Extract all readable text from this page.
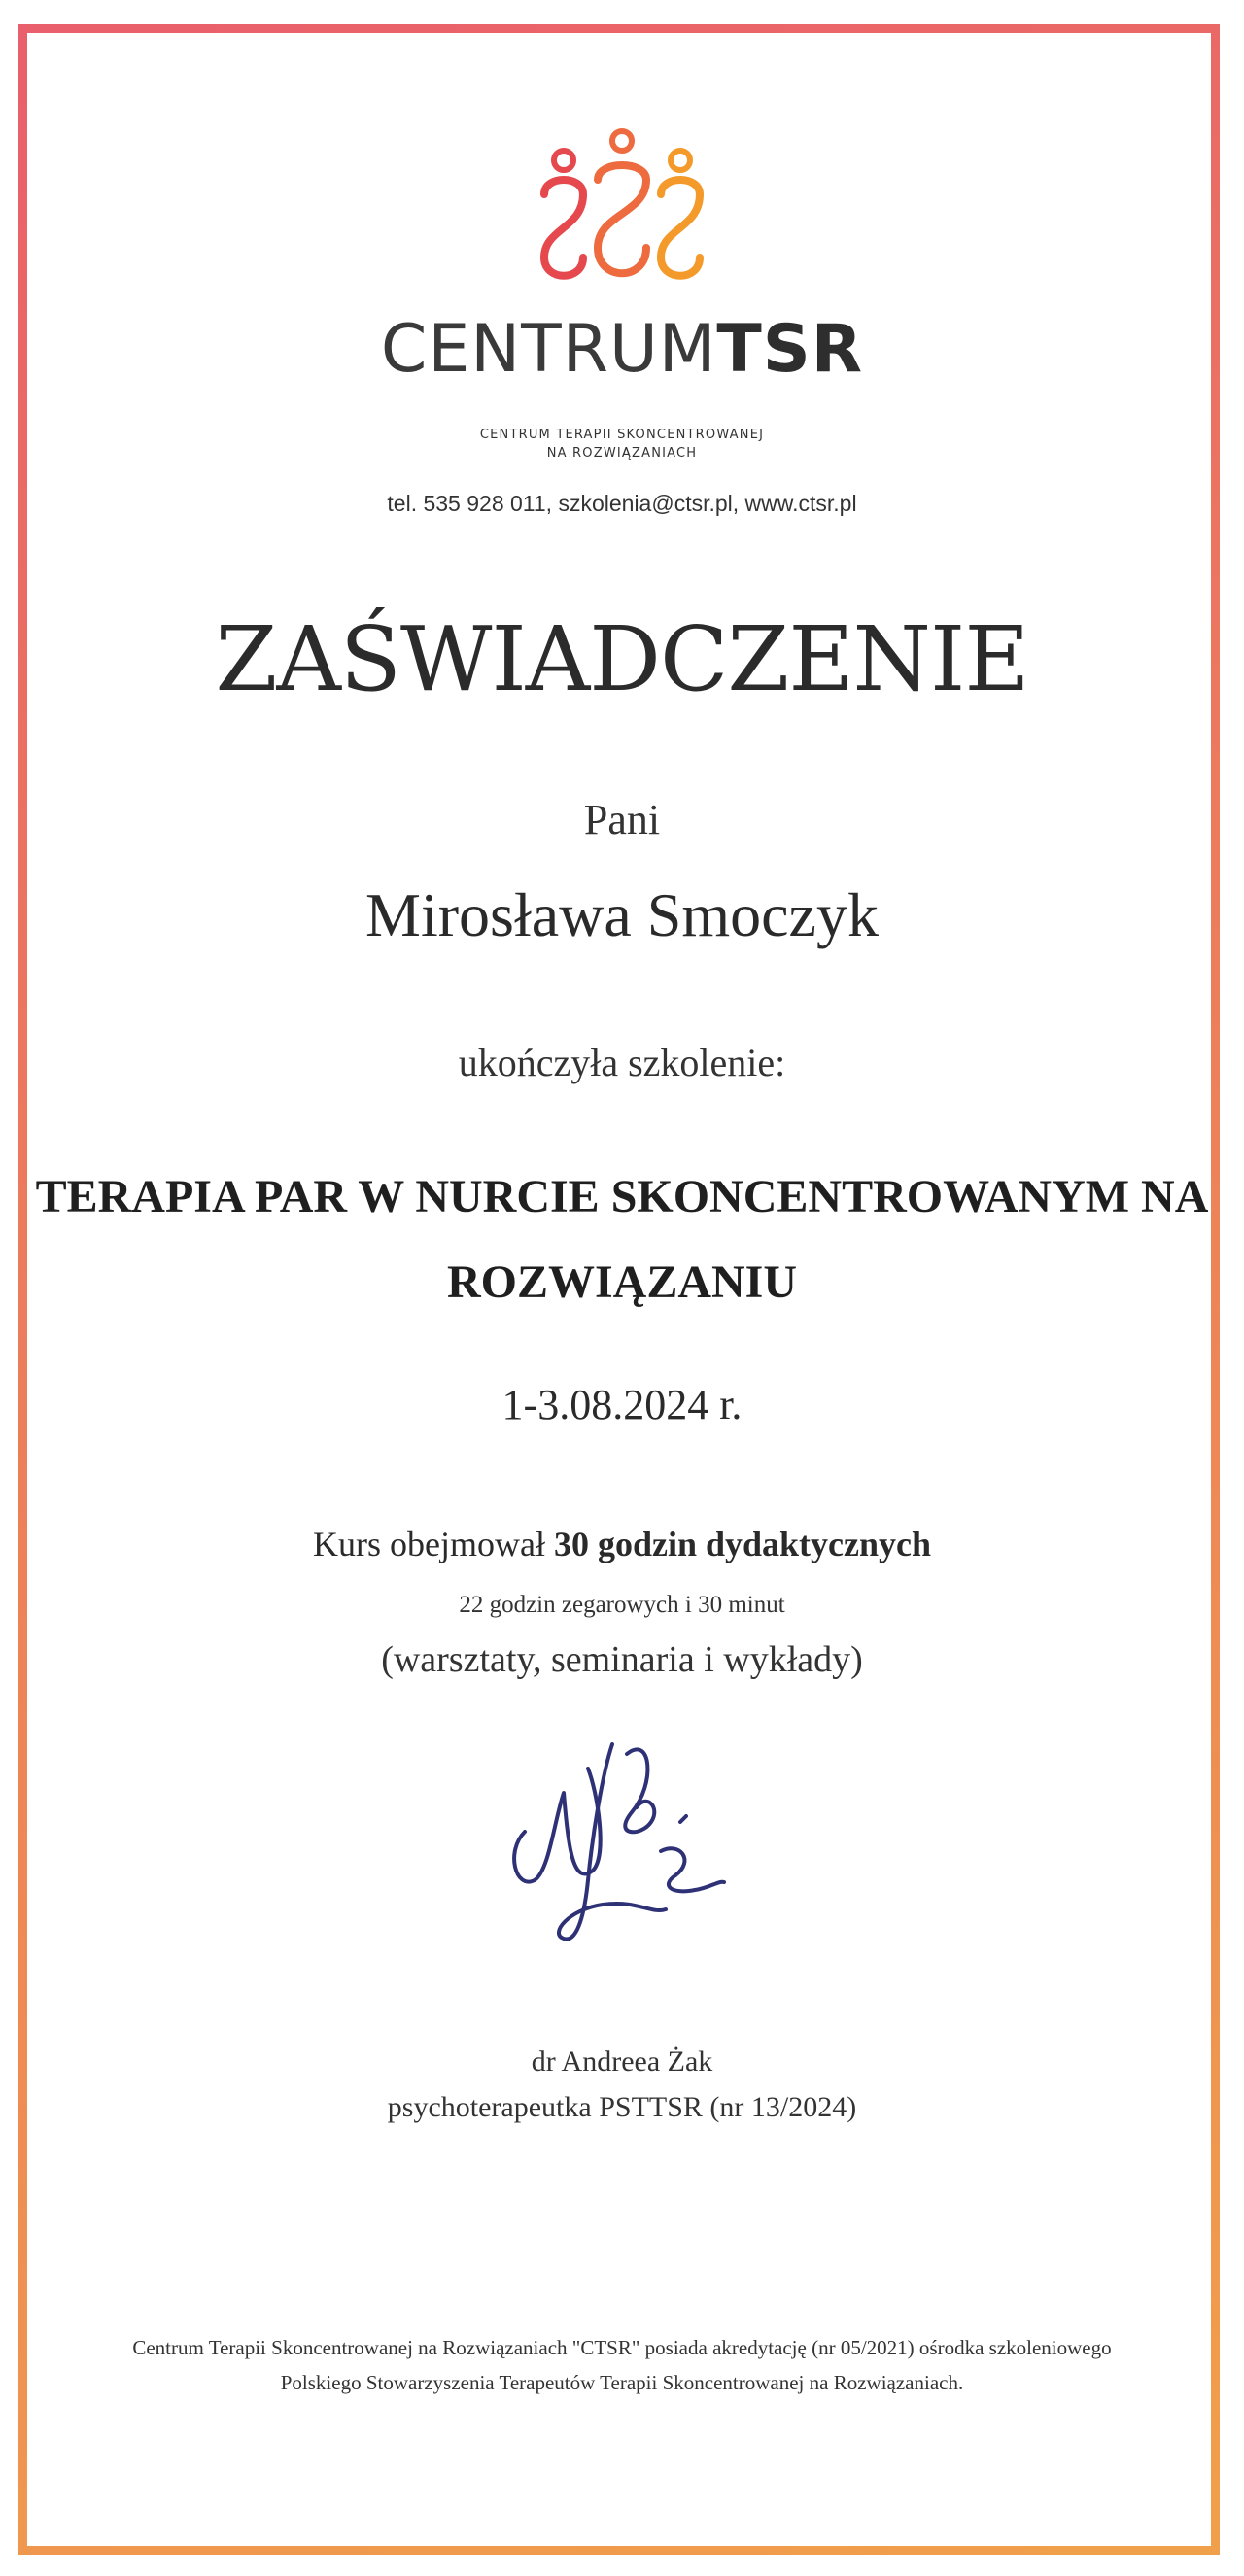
CENTRUMTSR
CENTRUM TERAPII SKONCENTROWANEJ
NA ROZWIĄZANIACH
tel. 535 928 011, szkolenia@ctsr.pl, www.ctsr.pl
ZAŚWIADCZENIE
Pani
Mirosława Smoczyk
ukończyła szkolenie:
TERAPIA PAR W NURCIE SKONCENTROWANYM NA
ROZWIĄZANIU
1-3.08.2024 r.
Kurs obejmował 30 godzin dydaktycznych
22 godzin zegarowych i 30 minut
(warsztaty, seminaria i wykłady)
dr Andreea Żak
psychoterapeutka PSTTSR (nr 13/2024)
Centrum Terapii Skoncentrowanej na Rozwiązaniach "CTSR" posiada akredytację (nr 05/2021) ośrodka szkoleniowego
Polskiego Stowarzyszenia Terapeutów Terapii Skoncentrowanej na Rozwiązaniach.
